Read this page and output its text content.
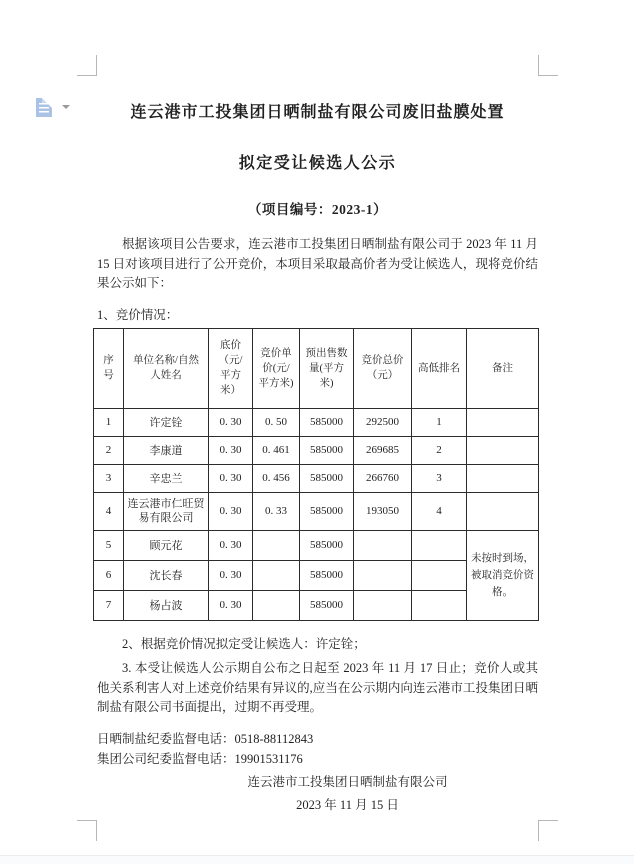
连云港市工投集团日晒制盐有限公司废旧盐膜处置
拟定受让候选人公示
（项目编号：2023-1）
根据该项目公告要求，连云港市工投集团日晒制盐有限公司于 2023 年 11 月 15 日对该项目进行了公开竞价，本项目采取最高价者为受让候选人，现将竞价结果公示如下：
1、竞价情况：
序号	单位名称/自然人姓名	底价（元/平方米）	竞价单价(元/平方米)	预出售数量(平方米)	竞价总价（元）	高低排名	备注
1	许定铨	0. 30	0. 50	585000	292500	1	
2	李康道	0. 30	0. 461	585000	269685	2	
3	辛忠兰	0. 30	0. 456	585000	266760	3	
4	连云港市仁旺贸易有限公司	0. 30	0. 33	585000	193050	4	
5	顾元花	0. 30		585000			未按时到场，被取消竞价资格。
6	沈长春	0. 30		585000			
7	杨占波	0. 30		585000			
2、根据竞价情况拟定受让候选人：许定铨；
3. 本受让候选人公示期自公布之日起至 2023 年 11 月 17 日止；竞价人或其他关系利害人对上述竞价结果有异议的,应当在公示期内向连云港市工投集团日晒制盐有限公司书面提出，过期不再受理。
日晒制盐纪委监督电话：0518-88112843
集团公司纪委监督电话：19901531176
连云港市工投集团日晒制盐有限公司
2023 年 11 月 15 日
